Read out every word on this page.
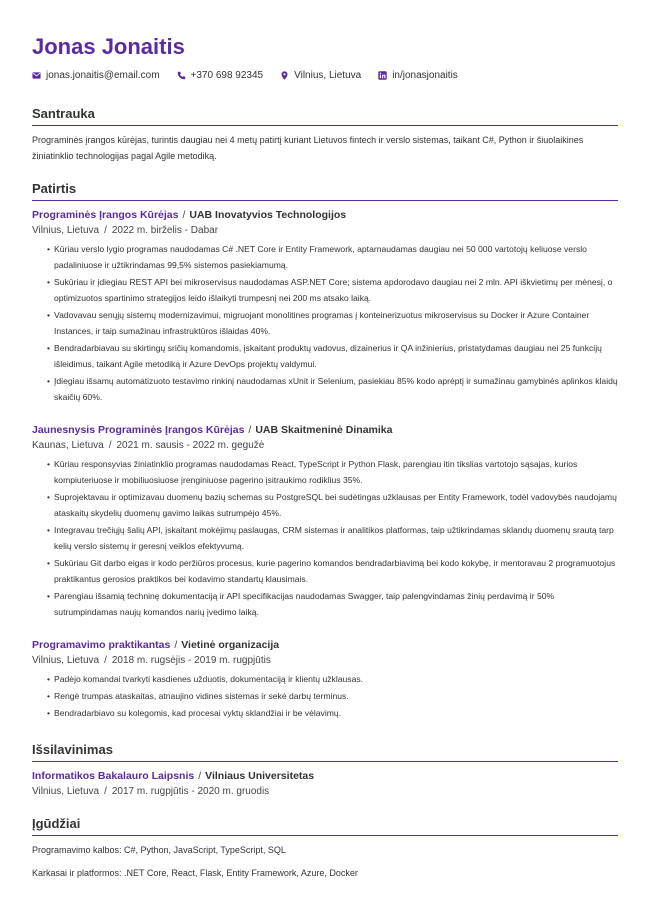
Jonas Jonaitis
jonas.jonaitis@email.com	+370 698 92345	Vilnius, Lietuva	in/jonasjonaitis
Santrauka
Programinės įrangos kūrėjas, turintis daugiau nei 4 metų patirtį kuriant Lietuvos fintech ir verslo sistemas, taikant C#, Python ir šiuolaikines žiniatinklio technologijas pagal Agile metodiką.
Patirtis
Programinės Įrangos Kūrėjas / UAB Inovatyvios Technologijos
Vilnius, Lietuva / 2022 m. birželis - Dabar
• Kūriau verslo lygio programas naudodamas C# .NET Core ir Entity Framework, aptarnaudamas daugiau nei 50 000 vartotojų keliuose verslo padaliniuose ir užtikrindamas 99,5% sistemos pasiekiamumą.
• Sukūriau ir įdiegiau REST API bei mikroservisus naudodamas ASP.NET Core; sistema apdorodavo daugiau nei 2 mln. API iškvietimų per mėnesį, o optimizuotos spartinimo strategijos leido išlaikyti trumpesnį nei 200 ms atsako laiką.
• Vadovavau senųjų sistemų modernizavimui, migruojant monolitines programas į konteinerizuotus mikroservisus su Docker ir Azure Container Instances, ir taip sumažinau infrastruktūros išlaidas 40%.
• Bendradarbiavau su skirtingų sričių komandomis, įskaitant produktų vadovus, dizainerius ir QA inžinierius, pristatydamas daugiau nei 25 funkcijų išleidimus, taikant Agile metodiką ir Azure DevOps projektų valdymui.
• Įdiegiau išsamų automatizuoto testavimo rinkinį naudodamas xUnit ir Selenium, pasiekiau 85% kodo aprėptį ir sumažinau gamybinės aplinkos klaidų skaičių 60%.
Jaunesnysis Programinės Įrangos Kūrėjas / UAB Skaitmeninė Dinamika
Kaunas, Lietuva / 2021 m. sausis - 2022 m. gegužė
• Kūriau responsyvias žiniatinklio programas naudodamas React, TypeScript ir Python Flask, parengiau itin tikslias vartotojo sąsajas, kurios kompiuteriuose ir mobiliuosiuose įrenginiuose pagerino įsitraukimo rodiklius 35%.
• Suprojektavau ir optimizavau duomenų bazių schemas su PostgreSQL bei sudėtingas užklausas per Entity Framework, todėl vadovybės naudojamų ataskaitų skydelių duomenų gavimo laikas sutrumpėjo 45%.
• Integravau trečiųjų šalių API, įskaitant mokėjimų paslaugas, CRM sistemas ir analitikos platformas, taip užtikrindamas sklandų duomenų srautą tarp kelių verslo sistemų ir geresnį veiklos efektyvumą.
• Sukūriau Git darbo eigas ir kodo peržiūros procesus, kurie pagerino komandos bendradarbiavimą bei kodo kokybę, ir mentoravau 2 programuotojus praktikantus gerosios praktikos bei kodavimo standartų klausimais.
• Parengiau išsamią techninę dokumentaciją ir API specifikacijas naudodamas Swagger, taip palengvindamas žinių perdavimą ir 50% sutrumpindamas naujų komandos narių įvedimo laiką.
Programavimo praktikantas / Vietinė organizacija
Vilnius, Lietuva / 2018 m. rugsėjis - 2019 m. rugpjūtis
• Padėjo komandai tvarkyti kasdienes užduotis, dokumentaciją ir klientų užklausas.
• Rengė trumpas ataskaitas, atnaujino vidines sistemas ir sekė darbų terminus.
• Bendradarbiavo su kolegomis, kad procesai vyktų sklandžiai ir be vėlavimų.
Išsilavinimas
Informatikos Bakalauro Laipsnis / Vilniaus Universitetas
Vilnius, Lietuva / 2017 m. rugpjūtis - 2020 m. gruodis
Įgūdžiai
Programavimo kalbos: C#, Python, JavaScript, TypeScript, SQL
Karkasai ir platformos: .NET Core, React, Flask, Entity Framework, Azure, Docker
